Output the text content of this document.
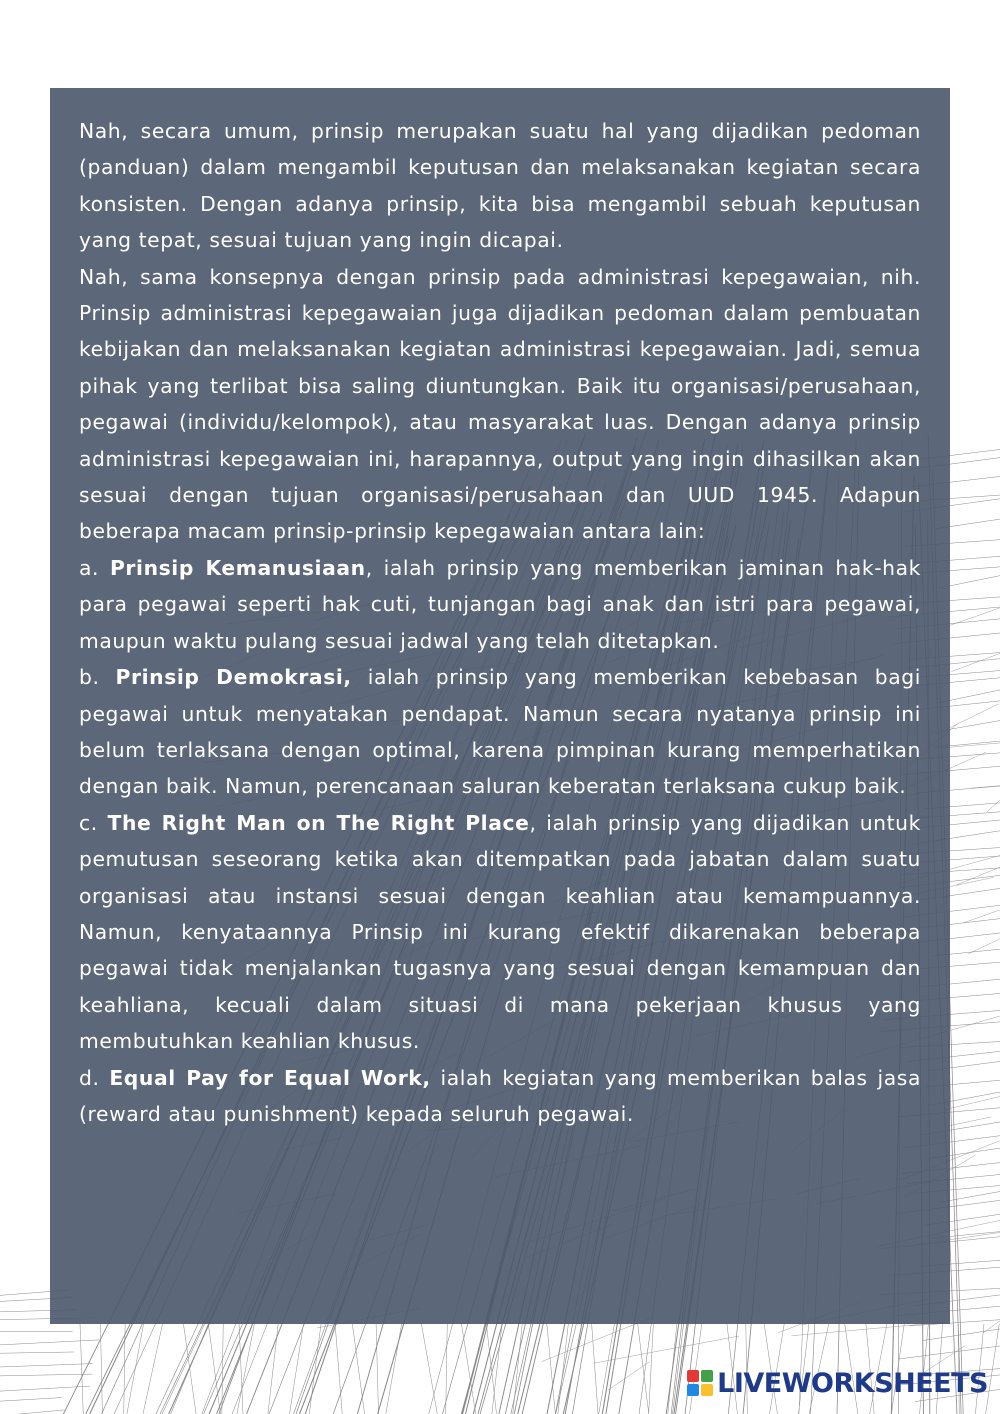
Nah, secara umum, prinsip merupakan suatu hal yang dijadikan pedoman (panduan) dalam mengambil keputusan dan melaksanakan kegiatan secara konsisten. Dengan adanya prinsip, kita bisa mengambil sebuah keputusan yang tepat, sesuai tujuan yang ingin dicapai.

Nah, sama konsepnya dengan prinsip pada administrasi kepegawaian, nih. Prinsip administrasi kepegawaian juga dijadikan pedoman dalam pembuatan kebijakan dan melaksanakan kegiatan administrasi kepegawaian. Jadi, semua pihak yang terlibat bisa saling diuntungkan. Baik itu organisasi/perusahaan, pegawai (individu/kelompok), atau masyarakat luas. Dengan adanya prinsip administrasi kepegawaian ini, harapannya, output yang ingin dihasilkan akan sesuai dengan tujuan organisasi/perusahaan dan UUD 1945. Adapun beberapa macam prinsip-prinsip kepegawaian antara lain:

a. Prinsip Kemanusiaan, ialah prinsip yang memberikan jaminan hak-hak para pegawai seperti hak cuti, tunjangan bagi anak dan istri para pegawai, maupun waktu pulang sesuai jadwal yang telah ditetapkan.

b. Prinsip Demokrasi, ialah prinsip yang memberikan kebebasan bagi pegawai untuk menyatakan pendapat. Namun secara nyatanya prinsip ini belum terlaksana dengan optimal, karena pimpinan kurang memperhatikan dengan baik. Namun, perencanaan saluran keberatan terlaksana cukup baik.

c. The Right Man on The Right Place, ialah prinsip yang dijadikan untuk pemutusan seseorang ketika akan ditempatkan pada jabatan dalam suatu organisasi atau instansi sesuai dengan keahlian atau kemampuannya. Namun, kenyataannya Prinsip ini kurang efektif dikarenakan beberapa pegawai tidak menjalankan tugasnya yang sesuai dengan kemampuan dan keahliana, kecuali dalam situasi di mana pekerjaan khusus yang membutuhkan keahlian khusus.

d. Equal Pay for Equal Work, ialah kegiatan yang memberikan balas jasa (reward atau punishment) kepada seluruh pegawai.

LIVEWORKSHEETS
